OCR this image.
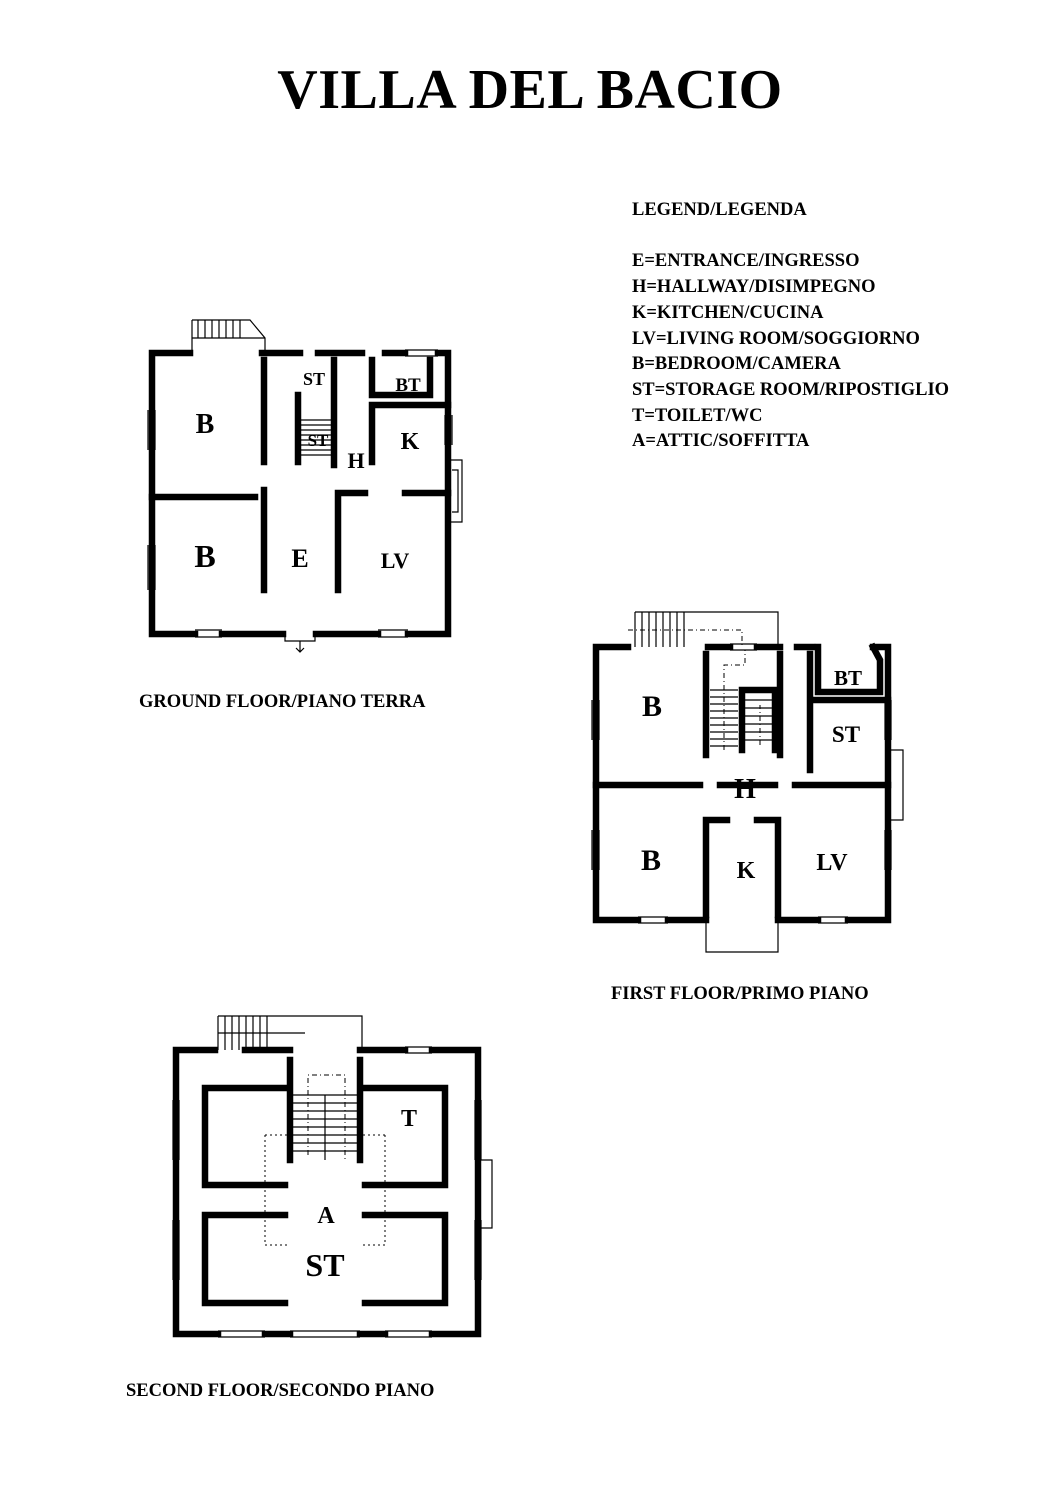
VILLA DEL BACIO
LEGEND/LEGENDA
E=ENTRANCE/INGRESSO
H=HALLWAY/DISIMPEGNO
K=KITCHEN/CUCINA
LV=LIVING ROOM/SOGGIORNO
B=BEDROOM/CAMERA
ST=STORAGE ROOM/RIPOSTIGLIO
T=TOILET/WC
A=ATTIC/SOFFITTA
B
B
ST
ST
H
BT
K
E	LV
B
B
BT
ST
H
K	LV
T
A
ST
GROUND FLOOR/PIANO TERRA
FIRST FLOOR/PRIMO PIANO
SECOND FLOOR/SECONDO PIANO
